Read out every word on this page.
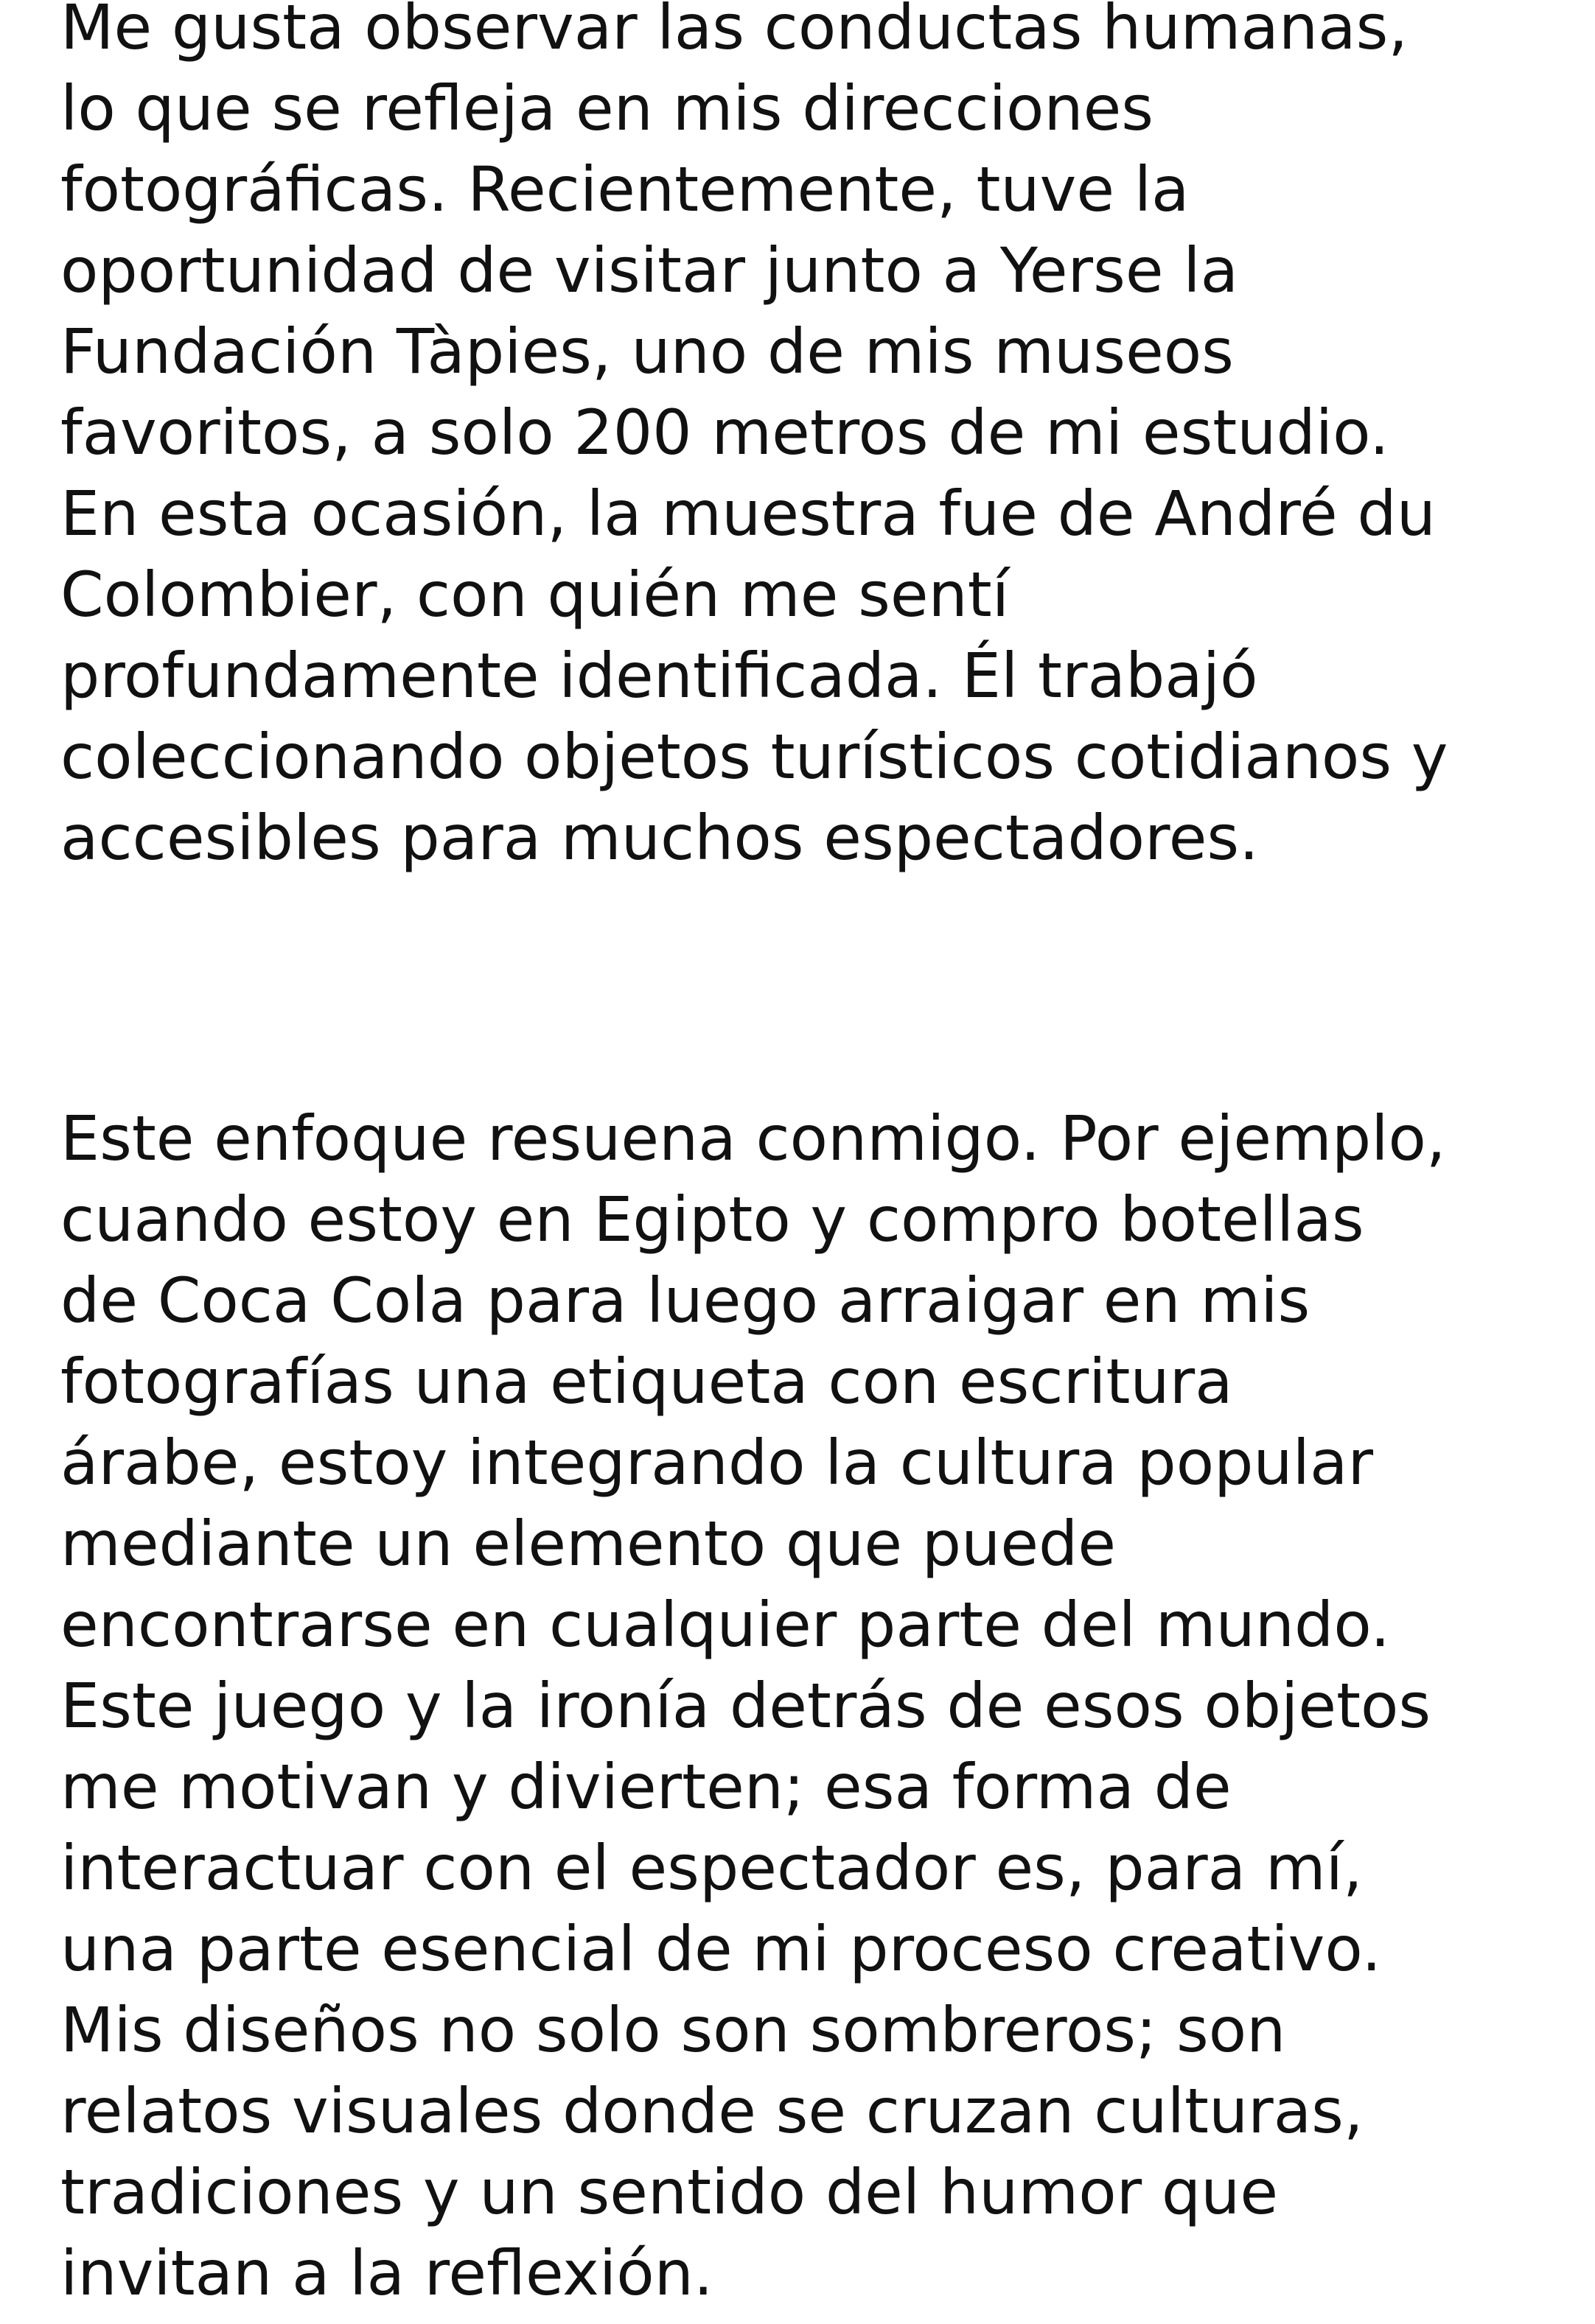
Me gusta observar las conductas humanas,
lo que se refleja en mis direcciones
fotográficas. Recientemente, tuve la
oportunidad de visitar junto a Yerse la
Fundación Tàpies, uno de mis museos
favoritos, a solo 200 metros de mi estudio.
En esta ocasión, la muestra fue de André du
Colombier, con quién me sentí
profundamente identificada. Él trabajó
coleccionando objetos turísticos cotidianos y
accesibles para muchos espectadores.
Este enfoque resuena conmigo. Por ejemplo,
cuando estoy en Egipto y compro botellas
de Coca Cola para luego arraigar en mis
fotografías una etiqueta con escritura
árabe, estoy integrando la cultura popular
mediante un elemento que puede
encontrarse en cualquier parte del mundo.
Este juego y la ironía detrás de esos objetos
me motivan y divierten; esa forma de
interactuar con el espectador es, para mí,
una parte esencial de mi proceso creativo.
Mis diseños no solo son sombreros; son
relatos visuales donde se cruzan culturas,
tradiciones y un sentido del humor que
invitan a la reflexión.
